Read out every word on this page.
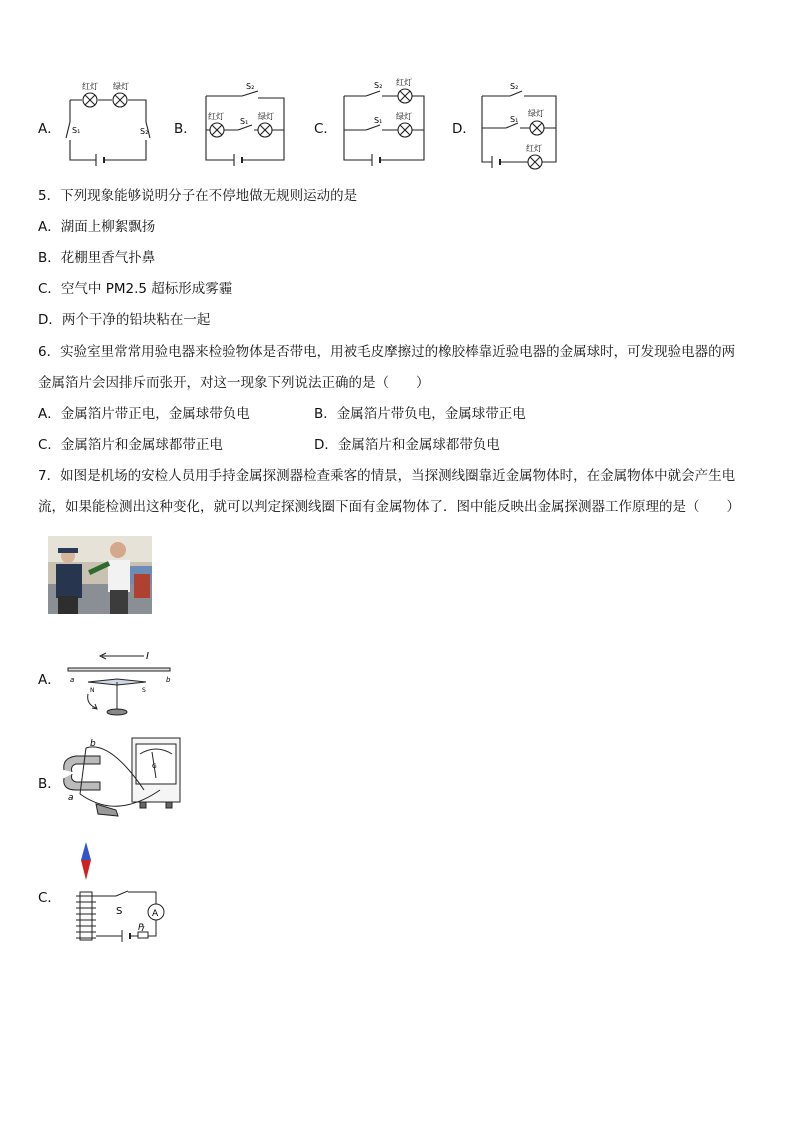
A．
红灯 绿灯
S₁	S₂ B．
S₂
红灯	绿灯
S₁	C．
S₂ 红灯
S₁ 绿灯
D．
S₂
S₁
绿灯
红灯
5．下列现象能够说明分子在不停地做无规则运动的是
A．湖面上柳絮飘扬
B．花棚里香气扑鼻
C．空气中 PM2.5 超标形成雾霾
D．两个干净的铅块粘在一起
6．实验室里常常用验电器来检验物体是否带电，用被毛皮摩擦过的橡胶棒靠近验电器的金属球时，可发现验电器的两
金属箔片会因排斥而张开，对这一现象下列说法正确的是（　　）
A．金属箔片带正电，金属球带负电	B．金属箔片带负电，金属球带正电
C．金属箔片和金属球都带正电	D．金属箔片和金属球都带负电
7．如图是机场的安检人员用手持金属探测器检查乘客的情景，当探测线圈靠近金属物体时，在金属物体中就会产生电
流，如果能检测出这种变化，就可以判定探测线圈下面有金属物体了．图中能反映出金属探测器工作原理的是（　　）
A．
I
a	b
N	S
B．
b
a
G
C．
S	A
P
